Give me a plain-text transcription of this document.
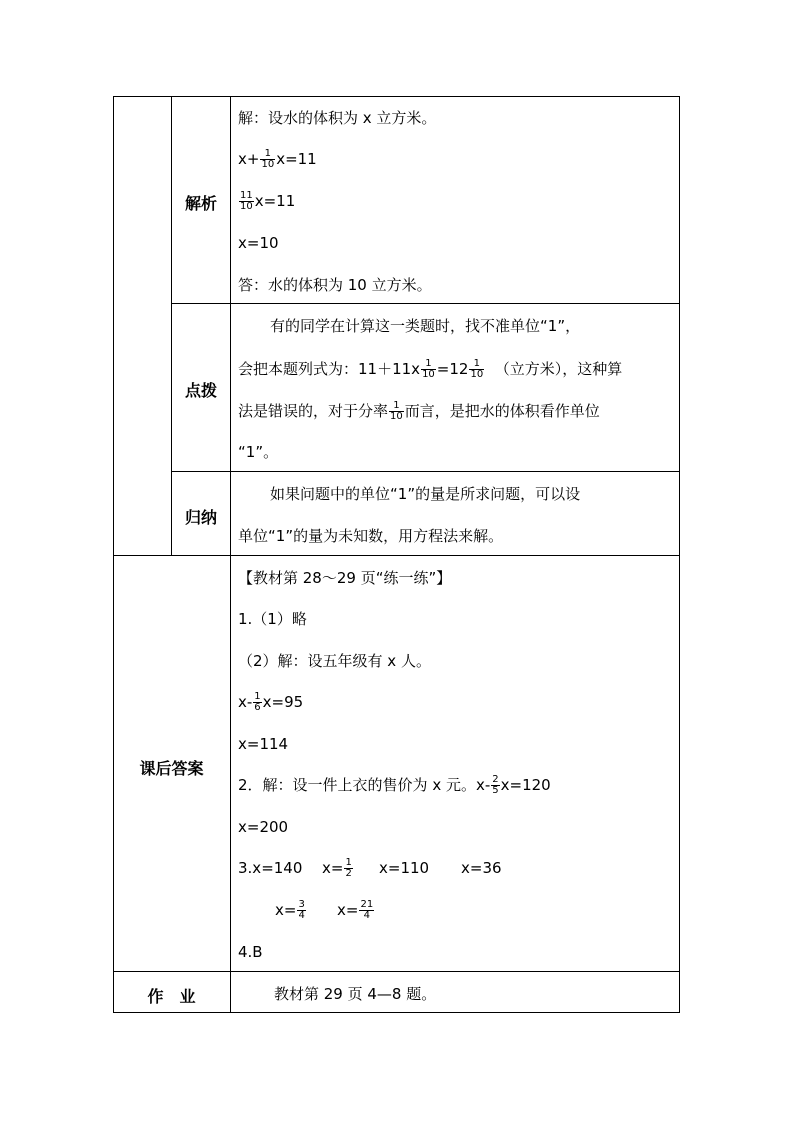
解析
点拨
归纳
课后答案
作　业
解：设水的体积为 x 立方米。
$x+ \frac{1}{10} x=11$
$\frac{11}{10} x=11$
x=10
答：水的体积为 10 立方米。
有的同学在计算这一类题时，找不准单位“1”，
会把本题列式为：$11+11x \frac{1}{10} =12 \frac{1}{10}$ （立方米），这种算
法是错误的，对于分率 $\frac{1}{10}$ 而言，是把水的体积看作单位
“1”。
如果问题中的单位“1”的量是所求问题，可以设
单位“1”的量为未知数，用方程法来解。
【教材第 28～29 页“练一练”】
1.（1）略
（2）解：设五年级有 x 人。
$x- \frac{1}{6} x=95$
x=114
2．解：设一件上衣的售价为 x 元。$x- \frac{2}{5} x=120$
x=200
3.x=140 $x= \frac{1}{2} x=110$ x=36
$x= \frac{3}{4} x= \frac{21}{4}$
4.B
教材第 29 页 4—8 题。
